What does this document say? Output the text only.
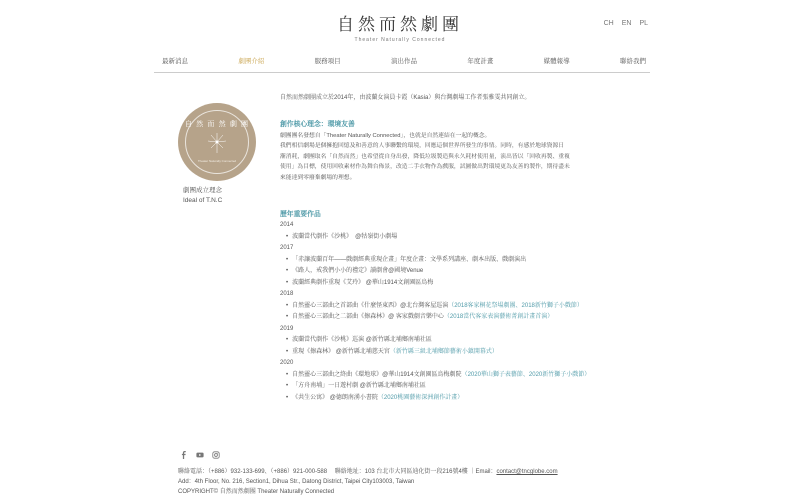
自然而然劇團
Theater Naturally Connected
CH EN PL
最新消息	劇團介紹	服務項目	演出作品	年度計畫	媒體報導	聯絡我們
自 然 而 然 劇 團
Theater Naturally Connected
劇團成立理念
Ideal of T.N.C

自然而然劇團成立於2014年，由波蘭女演員卡霞（Kasia）與台灣劇場工作者張雅雯共同創立。

創作核心理念：環境友善
劇團團名發想自「Theater Naturally Connected」，也就是自然連結在一起的概念。
我們相信劇場是個擁抱回憶及和善意的人事聯繫的環境，回應這個世界所發生的事情。同時，有感於地球資源日
漸消耗，劇團取名「自然而然」也希望從自身出發，降低垃圾製造與永久耗材使用量，演出皆以「回收再製、重複
使用」為目標，使用回收素材作為舞台佈景，改造二手衣物作為戲服，試圖做出對環境更為友善的製作，期待盡未
來能達到零廢棄劇場的理想。
歷年重要作品
2014
• 波蘭當代劇作《沙桃》　@牯嶺街小劇場
2017
• 「赤讓波蘭百年——戲劇經典重現企畫」年度企畫：文學系列講座、劇本出版、戲劇演出
• 《路人，戒我們小小的禮定》讀劇會@國境Venue
• 波蘭經典劇作重現《艾玲》 @華山1914文創園區烏梅
2018
• 自然靈心三部曲之首部曲《什麼怪東西》@北台灣客屋巡演（2018客家桐花祭場劇團、2018新竹獅子小戲節）
• 自然靈心三部曲之二部曲《擦森林》@ 客家戲劇音樂中心（2018當代客家表演藝術菁創計畫首演）
2019
• 波蘭當代劇作《沙桃》巡演 @新竹縣北埔鄉南埔社區
• 重現《擦森林》 @新竹縣北埔慈天宮（新竹縣三級北埔鄉節藝術小鎮開幕式）
2020
• 自然靈心三部曲之終曲《環地球》@華山1914文創園區烏梅劇院（2020華山獅子表藝節、2020新竹獅子小戲節）
• 「方舟南埔」一日遊村劇 @新竹縣北埔鄉南埔社區
• 《共生公寓》 @德朗南湧小書院（2020桃園藝術深洲創作計畫）
聯絡電話：（+886）932-133-699、（+886）921-000-588　 聯絡地址：103 台北市大同區迪化街一段216號4樓 ｜Email：contact@tncglobe.com
Add：4th Floor, No. 216, Section1, Dihua Str., Datong District, Taipei City103003, Taiwan
COPYRIGHT© 自然而然劇團 Theater Naturally Connected
